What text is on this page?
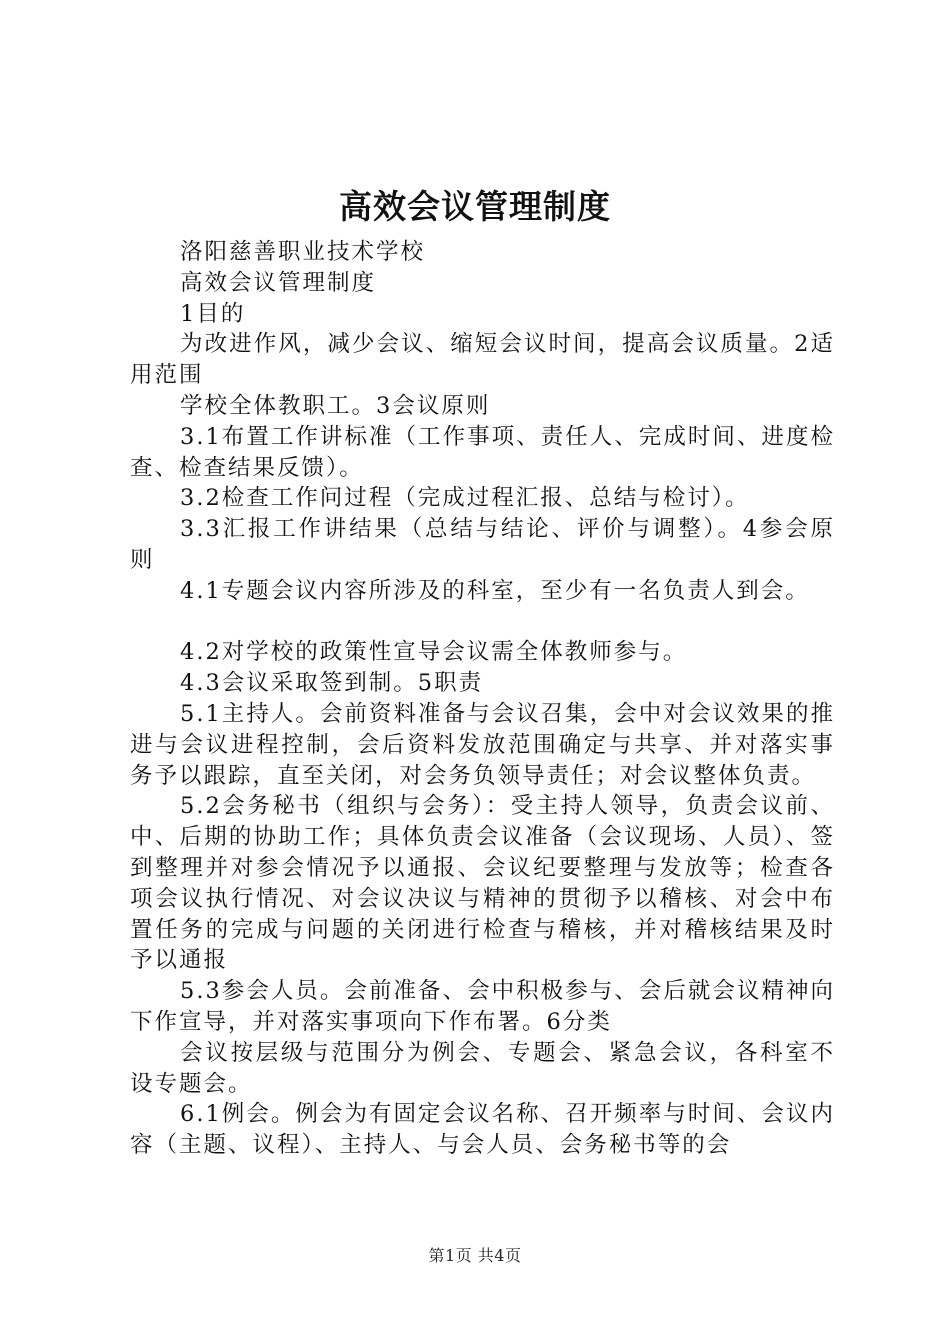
高效会议管理制度

洛阳慈善职业技术学校

高效会议管理制度

1目的

为改进作风，减少会议、缩短会议时间，提高会议质量。2适用范围

学校全体教职工。3会议原则

3.1布置工作讲标准（工作事项、责任人、完成时间、进度检查、检查结果反馈）。

3.2检查工作问过程（完成过程汇报、总结与检讨）。

3.3汇报工作讲结果（总结与结论、评价与调整）。4参会原则

4.1专题会议内容所涉及的科室，至少有一名负责人到会。

4.2对学校的政策性宣导会议需全体教师参与。

4.3会议采取签到制。5职责

5.1主持人。会前资料准备与会议召集，会中对会议效果的推进与会议进程控制，会后资料发放范围确定与共享、并对落实事务予以跟踪，直至关闭，对会务负领导责任；对会议整体负责。

5.2会务秘书（组织与会务）：受主持人领导，负责会议前、中、后期的协助工作；具体负责会议准备（会议现场、人员）、签到整理并对参会情况予以通报、会议纪要整理与发放等；检查各项会议执行情况、对会议决议与精神的贯彻予以稽核、对会中布置任务的完成与问题的关闭进行检查与稽核，并对稽核结果及时予以通报

5.3参会人员。会前准备、会中积极参与、会后就会议精神向下作宣导，并对落实事项向下作布署。6分类

会议按层级与范围分为例会、专题会、紧急会议，各科室不设专题会。

6.1例会。例会为有固定会议名称、召开频率与时间、会议内容（主题、议程）、主持人、与会人员、会务秘书等的会

第1页 共4页
